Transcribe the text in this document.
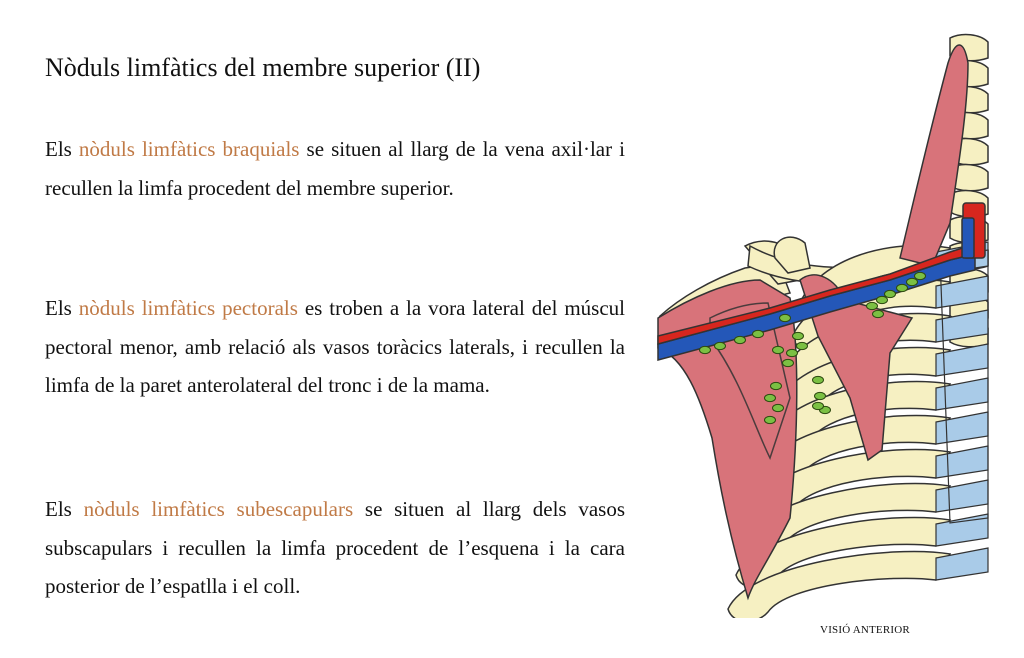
Nòduls limfàtics del membre superior (II)

Els nòduls limfàtics braquials se situen al llarg de la vena axil·lar i recullen la limfa procedent del membre superior.

Els nòduls limfàtics pectorals es troben a la vora lateral del múscul pectoral menor, amb relació als vasos toràcics laterals, i recullen la limfa de la paret anterolateral del tronc i de la mama.

Els nòduls limfàtics subescapulars se situen al llarg dels vasos subscapulars i recullen la limfa procedent de l’esquena i la cara posterior de l’espatlla i el coll.

VISIÓ ANTERIOR
